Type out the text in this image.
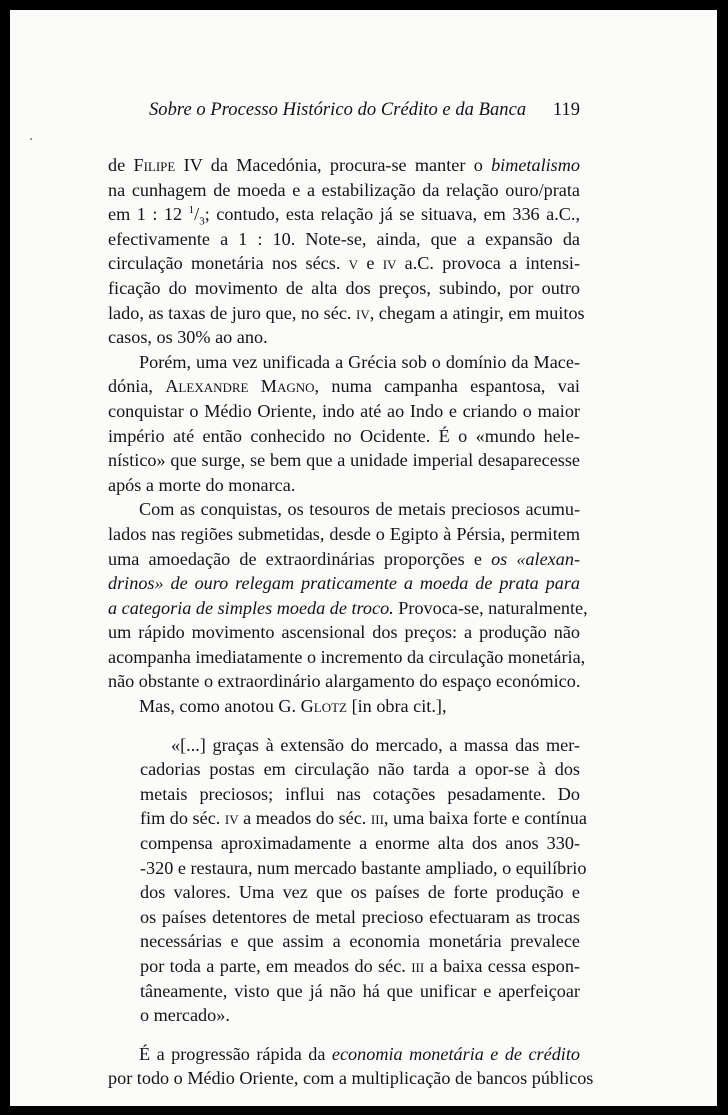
Sobre o Processo Histórico do Crédito e da Banca 119
de Filipe IV da Macedónia, procura-se manter o bimetalismo
na cunhagem de moeda e a estabilização da relação ouro/prata
em 1 : 12 $^1/_3$; contudo, esta relação já se situava, em 336 a.C.,
efectivamente a 1 : 10. Note-se, ainda, que a expansão da
circulação monetária nos sécs. v e iv a.C. provoca a intensi-
ficação do movimento de alta dos preços, subindo, por outro
lado, as taxas de juro que, no séc. iv, chegam a atingir, em muitos
casos, os 30% ao ano.
Porém, uma vez unificada a Grécia sob o domínio da Mace-
dónia, Alexandre Magno, numa campanha espantosa, vai
conquistar o Médio Oriente, indo até ao Indo e criando o maior
império até então conhecido no Ocidente. É o «mundo hele-
nístico» que surge, se bem que a unidade imperial desaparecesse
após a morte do monarca.
Com as conquistas, os tesouros de metais preciosos acumu-
lados nas regiões submetidas, desde o Egipto à Pérsia, permitem
uma amoedação de extraordinárias proporções e os «alexan-
drinos» de ouro relegam praticamente a moeda de prata para
a categoria de simples moeda de troco. Provoca-se, naturalmente,
um rápido movimento ascensional dos preços: a produção não
acompanha imediatamente o incremento da circulação monetária,
não obstante o extraordinário alargamento do espaço económico.
Mas, como anotou G. Glotz [in obra cit.],
«[...] graças à extensão do mercado, a massa das mer-
cadorias postas em circulação não tarda a opor-se à dos
metais preciosos; influi nas cotações pesadamente. Do
fim do séc. iv a meados do séc. iii, uma baixa forte e contínua
compensa aproximadamente a enorme alta dos anos 330-
-320 e restaura, num mercado bastante ampliado, o equilíbrio
dos valores. Uma vez que os países de forte produção e
os países detentores de metal precioso efectuaram as trocas
necessárias e que assim a economia monetária prevalece
por toda a parte, em meados do séc. iii a baixa cessa espon-
tâneamente, visto que já não há que unificar e aperfeiçoar
o mercado».
É a progressão rápida da economia monetária e de crédito
por todo o Médio Oriente, com a multiplicação de bancos públicos
